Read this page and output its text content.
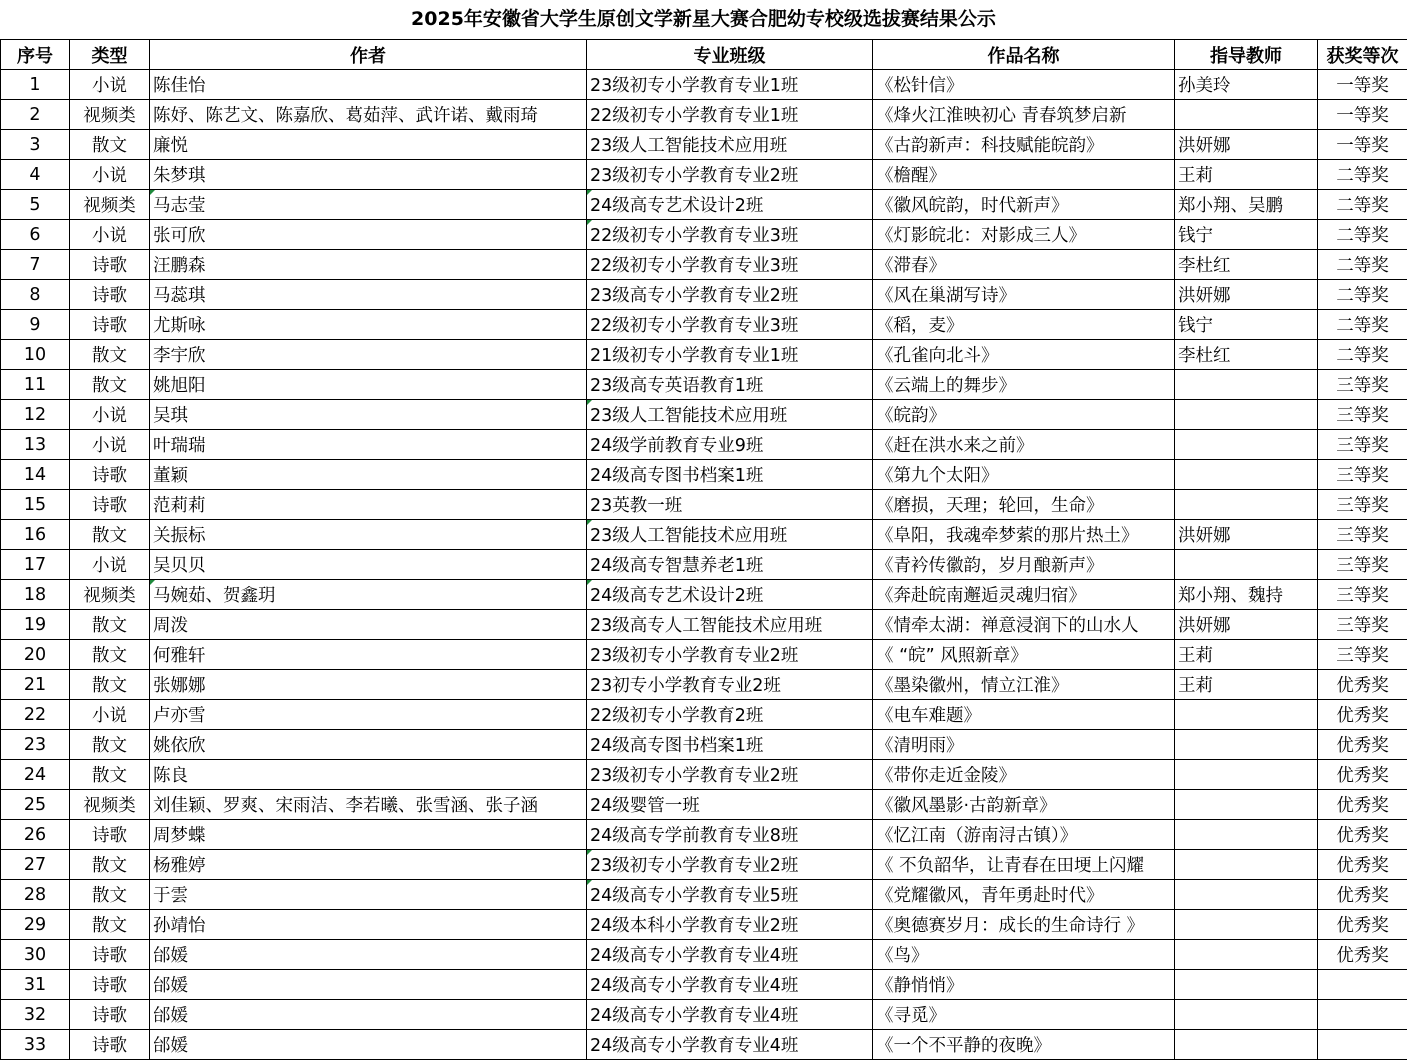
2025年安徽省大学生原创文学新星大赛合肥幼专校级选拔赛结果公示
序号	类型	作者	专业班级	作品名称	指导教师	获奖等次
1	小说	陈佳怡	23级初专小学教育专业1班	《松针信》	孙美玲	一等奖
2	视频类	陈妤、陈艺文、陈嘉欣、葛茹萍、武许诺、戴雨琦	22级初专小学教育专业1班	《烽火江淮映初心 青春筑梦启新		一等奖
3	散文	廉悦	23级人工智能技术应用班	《古韵新声：科技赋能皖韵》	洪妍娜	一等奖
4	小说	朱梦琪	23级初专小学教育专业2班	《檐醒》	王莉	二等奖
5	视频类	马志莹	24级高专艺术设计2班	《徽风皖韵，时代新声》	郑小翔、吴鹏	二等奖
6	小说	张可欣	22级初专小学教育专业3班	《灯影皖北：对影成三人》	钱宁	二等奖
7	诗歌	汪鹏森	22级初专小学教育专业3班	《滞春》	李杜红	二等奖
8	诗歌	马蕊琪	23级高专小学教育专业2班	《风在巢湖写诗》	洪妍娜	二等奖
9	诗歌	尤斯咏	22级初专小学教育专业3班	《稻，麦》	钱宁	二等奖
10	散文	李宇欣	21级初专小学教育专业1班	《孔雀向北斗》	李杜红	二等奖
11	散文	姚旭阳	23级高专英语教育1班	《云端上的舞步》		三等奖
12	小说	吴琪	23级人工智能技术应用班	《皖韵》		三等奖
13	小说	叶瑞瑞	24级学前教育专业9班	《赶在洪水来之前》		三等奖
14	诗歌	董颖	24级高专图书档案1班	《第九个太阳》		三等奖
15	诗歌	范莉莉	23英教一班	《磨损，天理；轮回，生命》		三等奖
16	散文	关振标	23级人工智能技术应用班	《阜阳，我魂牵梦萦的那片热土》	洪妍娜	三等奖
17	小说	吴贝贝	24级高专智慧养老1班	《青衿传徽韵，岁月酿新声》		三等奖
18	视频类	马婉茹、贺鑫玥	24级高专艺术设计2班	《奔赴皖南邂逅灵魂归宿》	郑小翔、魏持	三等奖
19	散文	周泼	23级高专人工智能技术应用班	《情牵太湖：禅意浸润下的山水人	洪妍娜	三等奖
20	散文	何雅轩	23级初专小学教育专业2班	《 “皖” 风照新章》	王莉	三等奖
21	散文	张娜娜	23初专小学教育专业2班	《墨染徽州，情立江淮》	王莉	优秀奖
22	小说	卢亦雪	22级初专小学教育2班	《电车难题》		优秀奖
23	散文	姚依欣	24级高专图书档案1班	《清明雨》		优秀奖
24	散文	陈良	23级初专小学教育专业2班	《带你走近金陵》		优秀奖
25	视频类	刘佳颖、罗爽、宋雨洁、李若曦、张雪涵、张子涵	24级婴管一班	《徽风墨影·古韵新章》		优秀奖
26	诗歌	周梦蝶	24级高专学前教育专业8班	《忆江南（游南浔古镇）》		优秀奖
27	散文	杨雅婷	23级初专小学教育专业2班	《 不负韶华，让青春在田埂上闪耀		优秀奖
28	散文	于雲	24级高专小学教育专业5班	《党耀徽风，青年勇赴时代》		优秀奖
29	散文	孙靖怡	24级本科小学教育专业2班	《奥德赛岁月：成长的生命诗行 》		优秀奖
30	诗歌	邰媛	24级高专小学教育专业4班	《鸟》		优秀奖
31	诗歌	邰媛	24级高专小学教育专业4班	《静悄悄》		
32	诗歌	邰媛	24级高专小学教育专业4班	《寻觅》		
33	诗歌	邰媛	24级高专小学教育专业4班	《一个不平静的夜晚》		
